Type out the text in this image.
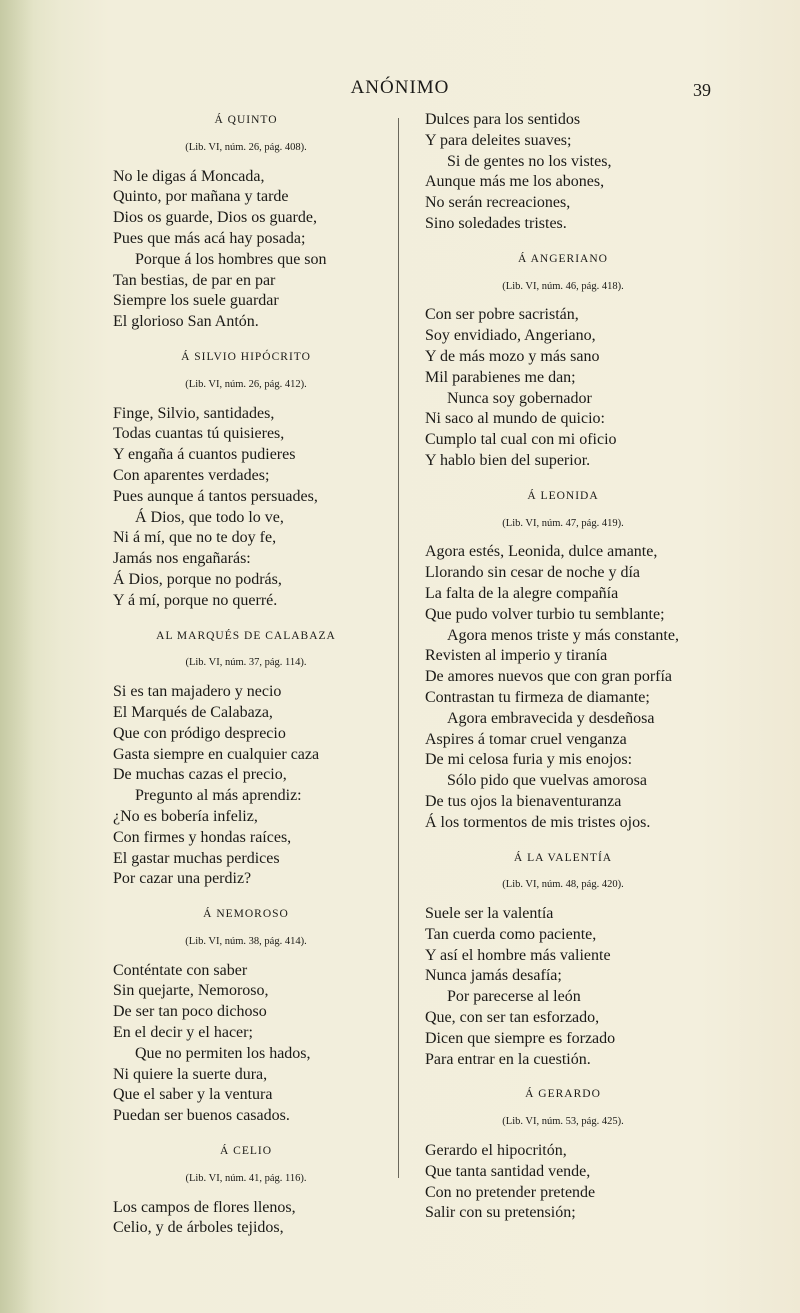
ANÓNIMO	39
Á QUINTO
(Lib. VI, núm. 26, pág. 408).
No le digas á Moncada,
Quinto, por mañana y tarde
Dios os guarde, Dios os guarde,
Pues que más acá hay posada;
Porque á los hombres que son
Tan bestias, de par en par
Siempre los suele guardar
El glorioso San Antón.
Á SILVIO HIPÓCRITO
(Lib. VI, núm. 26, pág. 412).
Finge, Silvio, santidades,
Todas cuantas tú quisieres,
Y engaña á cuantos pudieres
Con aparentes verdades;
Pues aunque á tantos persuades,
Á Dios, que todo lo ve,
Ni á mí, que no te doy fe,
Jamás nos engañarás:
Á Dios, porque no podrás,
Y á mí, porque no querré.
AL MARQUÉS DE CALABAZA
(Lib. VI, núm. 37, pág. 114).
Si es tan majadero y necio
El Marqués de Calabaza,
Que con pródigo desprecio
Gasta siempre en cualquier caza
De muchas cazas el precio,
Pregunto al más aprendiz:
¿No es bobería infeliz,
Con firmes y hondas raíces,
El gastar muchas perdices
Por cazar una perdiz?
Á NEMOROSO
(Lib. VI, núm. 38, pág. 414).
Conténtate con saber
Sin quejarte, Nemoroso,
De ser tan poco dichoso
En el decir y el hacer;
Que no permiten los hados,
Ni quiere la suerte dura,
Que el saber y la ventura
Puedan ser buenos casados.
Á CELIO
(Lib. VI, núm. 41, pág. 116).
Los campos de flores llenos,
Celio, y de árboles tejidos,
Dulces para los sentidos
Y para deleites suaves;
Si de gentes no los vistes,
Aunque más me los abones,
No serán recreaciones,
Sino soledades tristes.
Á ANGERIANO
(Lib. VI, núm. 46, pág. 418).
Con ser pobre sacristán,
Soy envidiado, Angeriano,
Y de más mozo y más sano
Mil parabienes me dan;
Nunca soy gobernador
Ni saco al mundo de quicio:
Cumplo tal cual con mi oficio
Y hablo bien del superior.
Á LEONIDA
(Lib. VI, núm. 47, pág. 419).
Agora estés, Leonida, dulce amante,
Llorando sin cesar de noche y día
La falta de la alegre compañía
Que pudo volver turbio tu semblante;
Agora menos triste y más constante,
Revisten al imperio y tiranía
De amores nuevos que con gran porfía
Contrastan tu firmeza de diamante;
Agora embravecida y desdeñosa
Aspires á tomar cruel venganza
De mi celosa furia y mis enojos:
Sólo pido que vuelvas amorosa
De tus ojos la bienaventuranza
Á los tormentos de mis tristes ojos.
Á LA VALENTÍA
(Lib. VI, núm. 48, pág. 420).
Suele ser la valentía
Tan cuerda como paciente,
Y así el hombre más valiente
Nunca jamás desafía;
Por parecerse al león
Que, con ser tan esforzado,
Dicen que siempre es forzado
Para entrar en la cuestión.
Á GERARDO
(Lib. VI, núm. 53, pág. 425).
Gerardo el hipocritón,
Que tanta santidad vende,
Con no pretender pretende
Salir con su pretensión;
